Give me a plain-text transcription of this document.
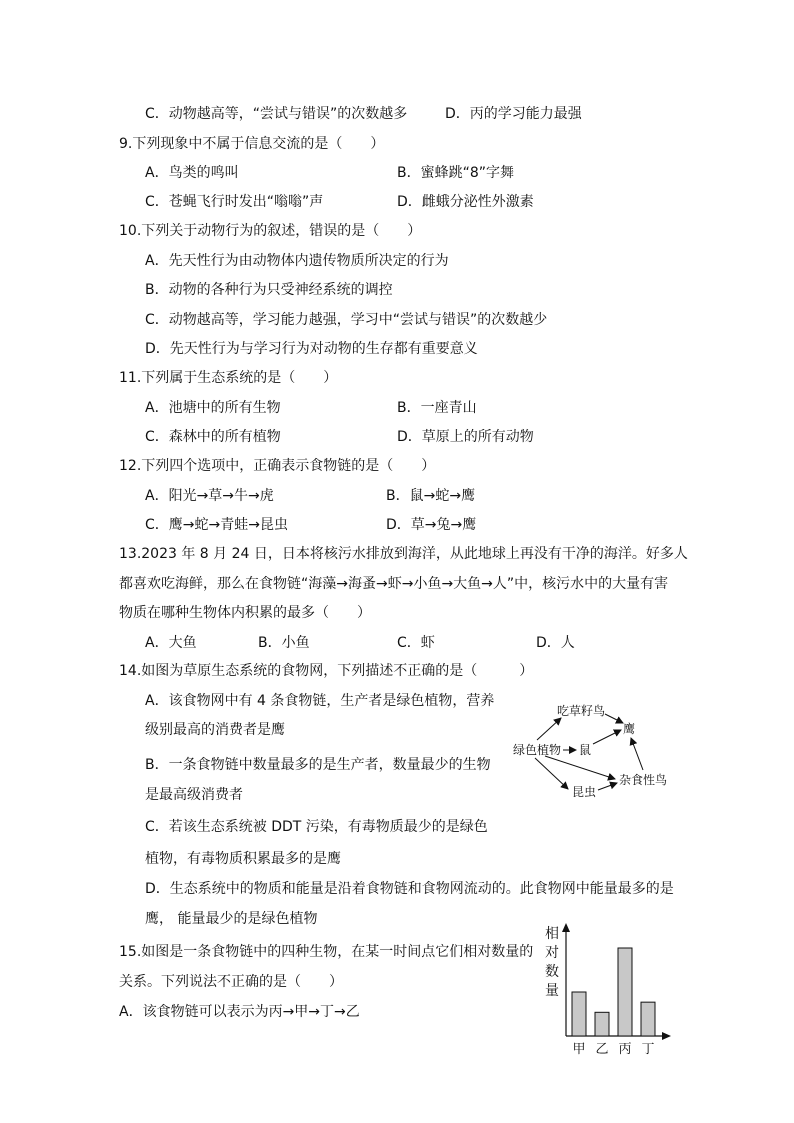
C．动物越高等，“尝试与错误”的次数越多	D．丙的学习能力最强
9.下列现象中不属于信息交流的是（　　）
A．鸟类的鸣叫	B．蜜蜂跳“8”字舞
C．苍蝇飞行时发出“嗡嗡”声	D．雌蛾分泌性外激素
10.下列关于动物行为的叙述，错误的是（　　）
A．先天性行为由动物体内遗传物质所决定的行为
B．动物的各种行为只受神经系统的调控
C．动物越高等，学习能力越强，学习中“尝试与错误”的次数越少
D．先天性行为与学习行为对动物的生存都有重要意义
11.下列属于生态系统的是（　　）
A．池塘中的所有生物	B．一座青山
C．森林中的所有植物	D．草原上的所有动物
12.下列四个选项中，正确表示食物链的是（　　）
A．阳光→草→牛→虎	B．鼠→蛇→鹰
C．鹰→蛇→青蛙→昆虫	D．草→兔→鹰
13.2023 年 8 月 24 日，日本将核污水排放到海洋，从此地球上再没有干净的海洋。好多人
都喜欢吃海鲜，那么在食物链“海藻→海蚤→虾→小鱼→大鱼→人”中，核污水中的大量有害
物质在哪种生物体内积累的最多（　　）
A．大鱼	B．小鱼	C．虾	D．人
14.如图为草原生态系统的食物网，下列描述不正确的是（　　　）
A．该食物网中有 4 条食物链，生产者是绿色植物，营养
级别最高的消费者是鹰
B．一条食物链中数量最多的是生产者，数量最少的生物
是最高级消费者
C．若该生态系统被 DDT 污染，有毒物质最少的是绿色
植物，有毒物质积累最多的是鹰
D．生态系统中的物质和能量是沿着食物链和食物网流动的。此食物网中能量最多的是
鹰， 能量最少的是绿色植物
吃草籽鸟
鹰
绿色植物 鼠
杂食性鸟
昆虫
15.如图是一条食物链中的四种生物，在某一时间点它们相对数量的
关系。下列说法不正确的是（　　）
A．该食物链可以表示为丙→甲→丁→乙
相
对
数
量
甲 乙 丙 丁
